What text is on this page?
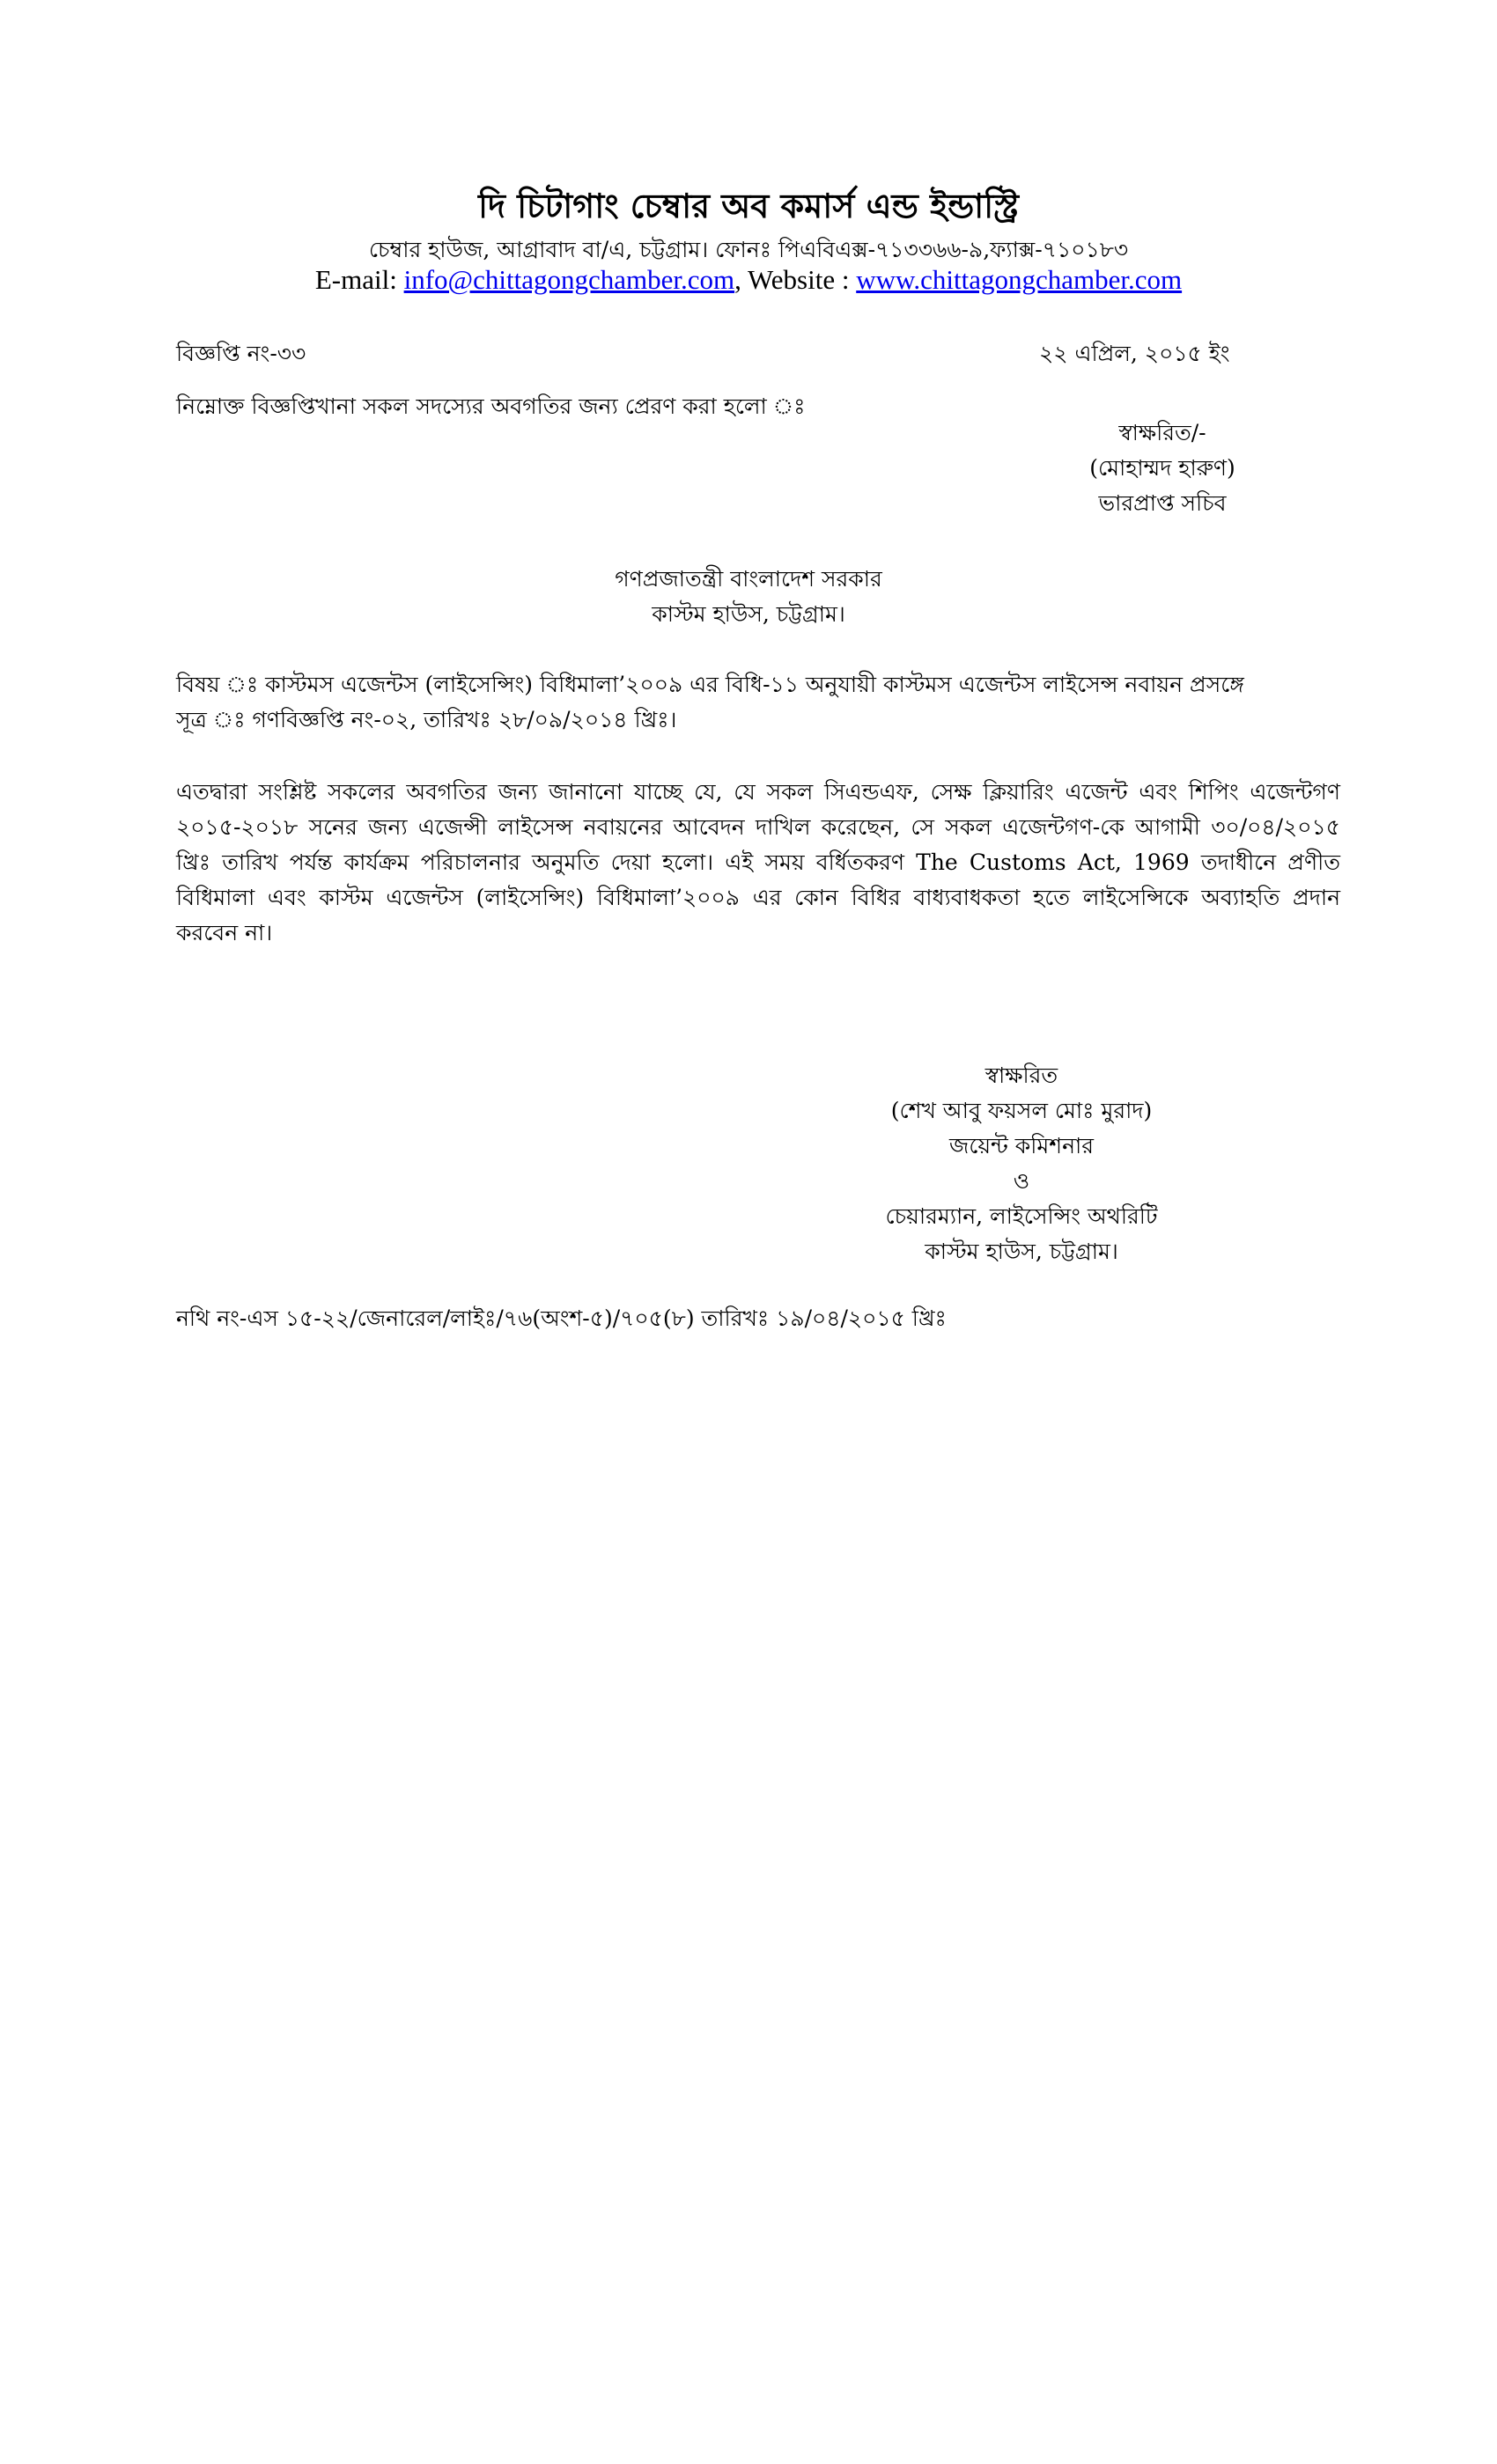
দি চিটাগাং চেম্বার অব কমার্স এন্ড ইন্ডাস্ট্রি
চেম্বার হাউজ, আগ্রাবাদ বা/এ, চট্টগ্রাম। ফোনঃ পিএবিএক্স-৭১৩৩৬৬-৯,ফ্যাক্স-৭১০১৮৩
E-mail: info@chittagongchamber.com, Website : www.chittagongchamber.com
বিজ্ঞপ্তি নং-৩৩	২২ এপ্রিল, ২০১৫ ইং
নিম্নোক্ত বিজ্ঞপ্তিখানা সকল সদস্যের অবগতির জন্য প্রেরণ করা হলো ঃ
স্বাক্ষরিত/-
(মোহাম্মদ হারুণ)
ভারপ্রাপ্ত সচিব
গণপ্রজাতন্ত্রী বাংলাদেশ সরকার
কাস্টম হাউস, চট্টগ্রাম।
বিষয় ঃ কাস্টমস এজেন্টস (লাইসেন্সিং) বিধিমালা’২০০৯ এর বিধি-১১ অনুযায়ী কাস্টমস এজেন্টস লাইসেন্স নবায়ন প্রসঙ্গে
সূত্র ঃ গণবিজ্ঞপ্তি নং-০২, তারিখঃ ২৮/০৯/২০১৪ খ্রিঃ।
এতদ্বারা সংশ্লিষ্ট সকলের অবগতির জন্য জানানো যাচ্ছে যে, যে সকল সিএন্ডএফ, সেক্ষ ক্লিয়ারিং এজেন্ট এবং শিপিং এজেন্টগণ
২০১৫-২০১৮ সনের জন্য এজেন্সী লাইসেন্স নবায়নের আবেদন দাখিল করেছেন, সে সকল এজেন্টগণ-কে আগামী ৩০/০৪/২০১৫
খ্রিঃ তারিখ পর্যন্ত কার্যক্রম পরিচালনার অনুমতি দেয়া হলো। এই সময় বর্ধিতকরণ The Customs Act, 1969 তদাধীনে প্রণীত
বিধিমালা এবং কাস্টম এজেন্টস (লাইসেন্সিং) বিধিমালা’২০০৯ এর কোন বিধির বাধ্যবাধকতা হতে লাইসেন্সিকে অব্যাহতি প্রদান
করবেন না।
স্বাক্ষরিত
(শেখ আবু ফয়সল মোঃ মুরাদ)
জয়েন্ট কমিশনার
ও
চেয়ারম্যান, লাইসেন্সিং অথরিটি
কাস্টম হাউস, চট্টগ্রাম।
নথি নং-এস ১৫-২২/জেনারেল/লাইঃ/৭৬(অংশ-৫)/৭০৫(৮) তারিখঃ ১৯/০৪/২০১৫ খ্রিঃ
